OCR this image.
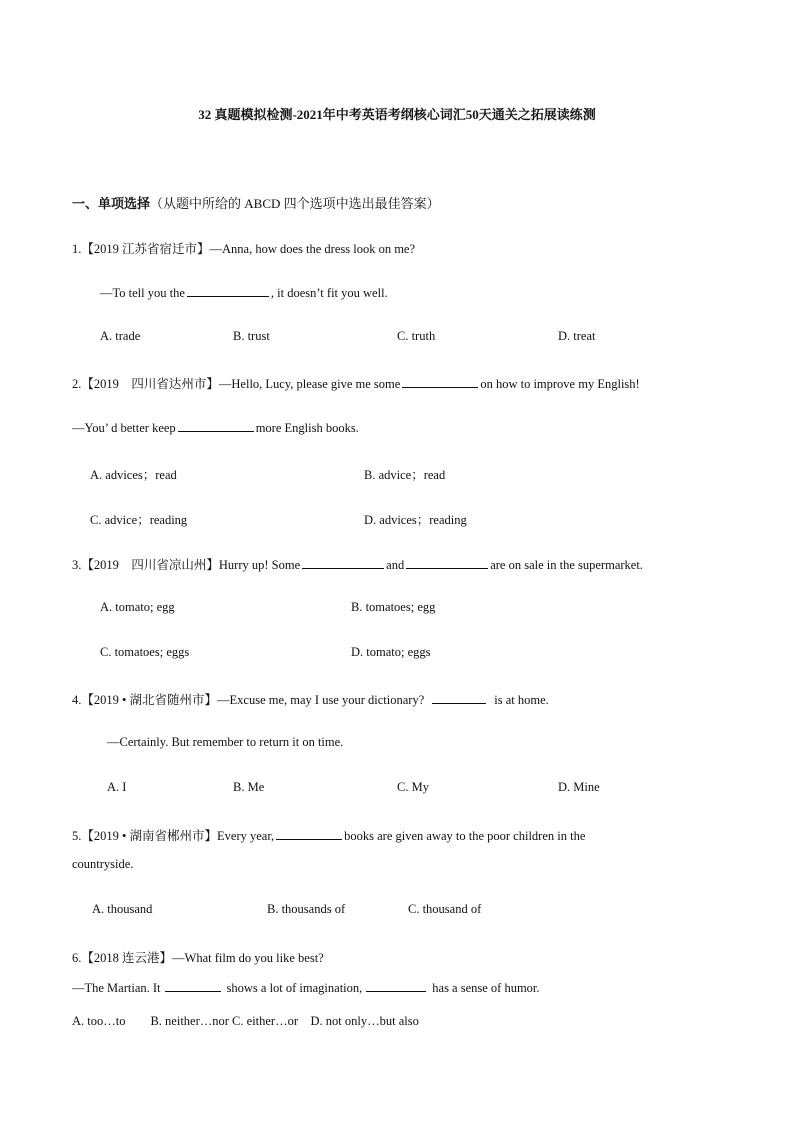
32 真题模拟检测-2021年中考英语考纲核心词汇50天通关之拓展读练测
一、单项选择（从题中所给的 ABCD 四个选项中选出最佳答案）
1.【2019 江苏省宿迁市】—Anna, how does the dress look on me?
—To tell you the	, it doesn’t fit you well.
A. trade	B. trust	C. truth	D. treat
2.【2019　四川省达州市】—Hello, Lucy, please give me some	on how to improve my English!
—You’ d better keep	more English books.
A. advices；read	B. advice；read
C. advice；reading	D. advices；reading
3.【2019　四川省凉山州】Hurry up! Some	and	are on sale in the supermarket.
A. tomato; egg	B. tomatoes; egg
C. tomatoes; eggs	D. tomato; eggs
4.【2019 • 湖北省随州市】—Excuse me, may I use your dictionary?	is at home.
—Certainly. But remember to return it on time.
A. I	B. Me	C. My	D. Mine
5.【2019 • 湖南省郴州市】Every year,	books are given away to the poor children in the
countryside.
A. thousand	B. thousands of	C. thousand of
6.【2018 连云港】—What film do you like best?
—The Martian. It	shows a lot of imagination,	has a sense of humor.
A. too…to　　B. neither…nor C. either…or　D. not only…but also
